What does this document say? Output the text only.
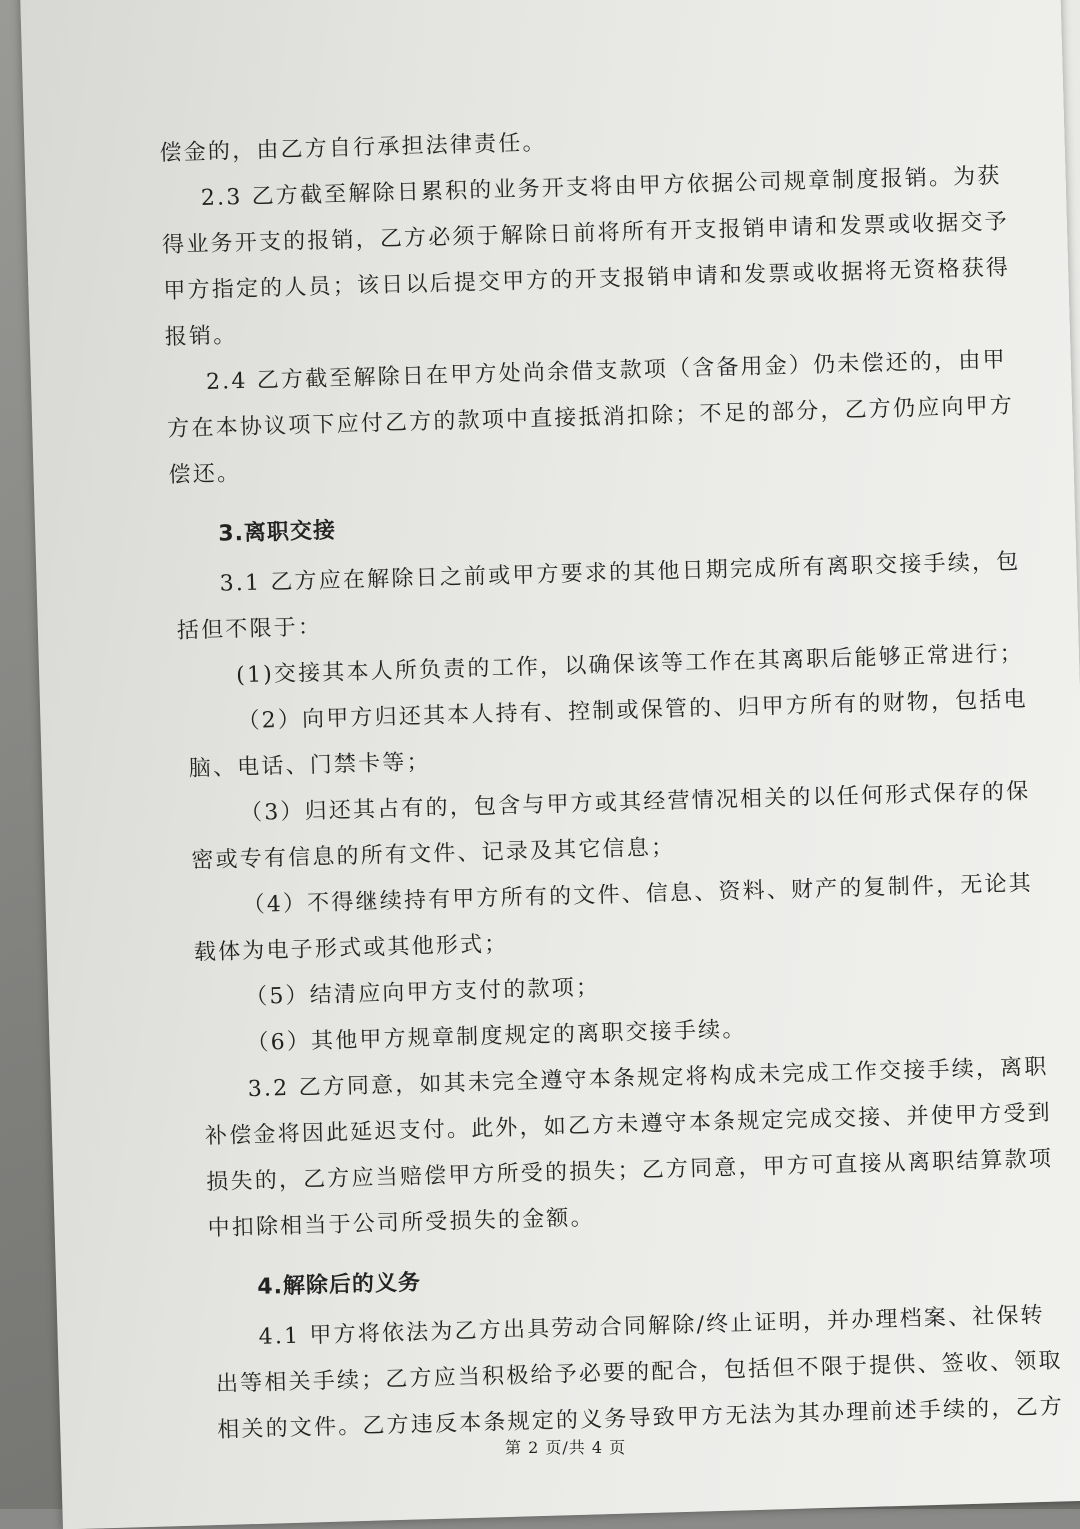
偿金的，由乙方自行承担法律责任。
2.3 乙方截至解除日累积的业务开支将由甲方依据公司规章制度报销。为获
得业务开支的报销，乙方必须于解除日前将所有开支报销申请和发票或收据交予
甲方指定的人员；该日以后提交甲方的开支报销申请和发票或收据将无资格获得
报销。
2.4 乙方截至解除日在甲方处尚余借支款项（含备用金）仍未偿还的，由甲
方在本协议项下应付乙方的款项中直接抵消扣除；不足的部分，乙方仍应向甲方
偿还。
3.离职交接
3.1 乙方应在解除日之前或甲方要求的其他日期完成所有离职交接手续，包
括但不限于：
(1)交接其本人所负责的工作，以确保该等工作在其离职后能够正常进行；
（2）向甲方归还其本人持有、控制或保管的、归甲方所有的财物，包括电
脑、电话、门禁卡等；
（3）归还其占有的，包含与甲方或其经营情况相关的以任何形式保存的保
密或专有信息的所有文件、记录及其它信息；
（4）不得继续持有甲方所有的文件、信息、资料、财产的复制件，无论其
载体为电子形式或其他形式；
（5）结清应向甲方支付的款项；
（6）其他甲方规章制度规定的离职交接手续。
3.2 乙方同意，如其未完全遵守本条规定将构成未完成工作交接手续，离职
补偿金将因此延迟支付。此外，如乙方未遵守本条规定完成交接、并使甲方受到
损失的，乙方应当赔偿甲方所受的损失；乙方同意，甲方可直接从离职结算款项
中扣除相当于公司所受损失的金额。
4.解除后的义务
4.1 甲方将依法为乙方出具劳动合同解除/终止证明，并办理档案、社保转
出等相关手续；乙方应当积极给予必要的配合，包括但不限于提供、签收、领取
相关的文件。乙方违反本条规定的义务导致甲方无法为其办理前述手续的，乙方
第 2 页/共 4 页
